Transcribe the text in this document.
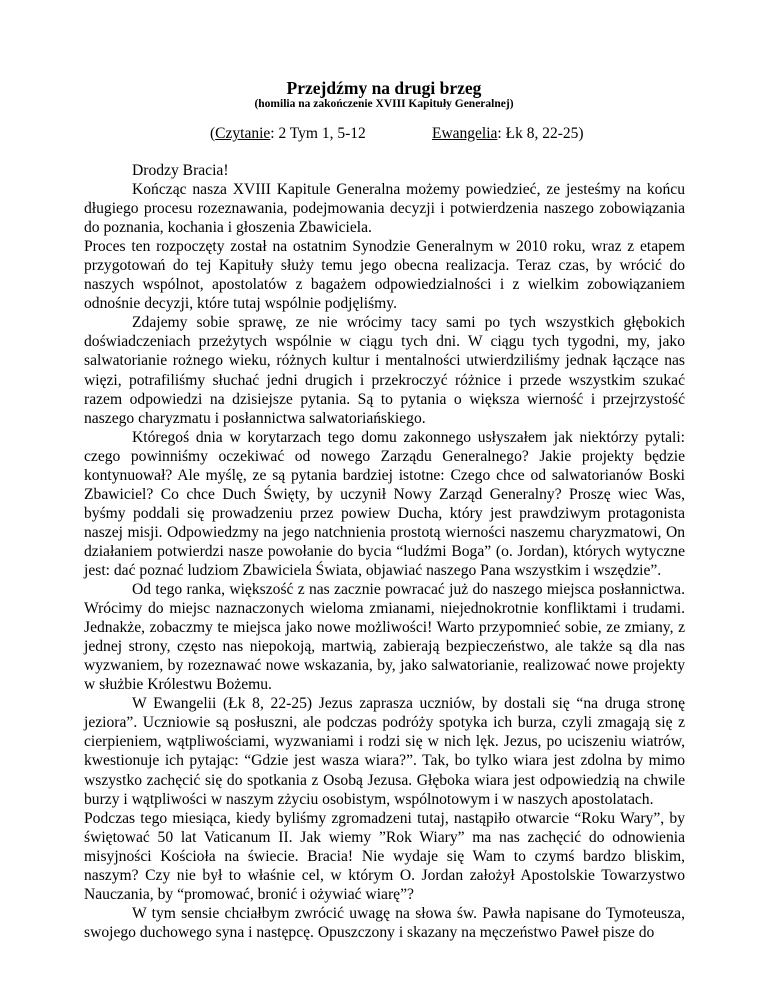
Przejdźmy na drugi brzeg
(homilia na zakończenie XVIII Kapituły Generalnej)
(Czytanie: 2 Tym 1, 5-12	Ewangelia: Łk 8, 22-25)

Drodzy Bracia!

Kończąc nasza XVIII Kapitule Generalna możemy powiedzieć, ze jesteśmy na końcu długiego procesu rozeznawania, podejmowania decyzji i potwierdzenia naszego zobowiązania do poznania, kochania i głoszenia Zbawiciela.

Proces ten rozpoczęty został na ostatnim Synodzie Generalnym w 2010 roku, wraz z etapem przygotowań do tej Kapituły służy temu jego obecna realizacja. Teraz czas, by wrócić do naszych wspólnot, apostolatów z bagażem odpowiedzialności i z wielkim zobowiązaniem odnośnie decyzji, które tutaj wspólnie podjęliśmy.

Zdajemy sobie sprawę, ze nie wrócimy tacy sami po tych wszystkich głębokich doświadczeniach przeżytych wspólnie w ciągu tych dni. W ciągu tych tygodni, my, jako salwatorianie rożnego wieku, różnych kultur i mentalności utwierdziliśmy jednak łączące nas więzi, potrafiliśmy słuchać jedni drugich i przekroczyć różnice i przede wszystkim szukać razem odpowiedzi na dzisiejsze pytania. Są to pytania o większa wierność i przejrzystość naszego charyzmatu i posłannictwa salwatoriańskiego.

Któregoś dnia w korytarzach tego domu zakonnego usłyszałem jak niektórzy pytali: czego powinniśmy oczekiwać od nowego Zarządu Generalnego? Jakie projekty będzie kontynuował? Ale myślę, ze są pytania bardziej istotne: Czego chce od salwatorianów Boski Zbawiciel? Co chce Duch Święty, by uczynił Nowy Zarząd Generalny? Proszę wiec Was, byśmy poddali się prowadzeniu przez powiew Ducha, który jest prawdziwym protagonista naszej misji. Odpowiedzmy na jego natchnienia prostotą wierności naszemu charyzmatowi, On działaniem potwierdzi nasze powołanie do bycia “ludźmi Boga” (o. Jordan), których wytyczne jest: dać poznać ludziom Zbawiciela Świata, objawiać naszego Pana wszystkim i wszędzie”.

Od tego ranka, większość z nas zacznie powracać już do naszego miejsca posłannictwa. Wrócimy do miejsc naznaczonych wieloma zmianami, niejednokrotnie konfliktami i trudami. Jednakże, zobaczmy te miejsca jako nowe możliwości! Warto przypomnieć sobie, ze zmiany, z jednej strony, często nas niepokoją, martwią, zabierają bezpieczeństwo, ale także są dla nas wyzwaniem, by rozeznawać nowe wskazania, by, jako salwatorianie, realizować nowe projekty w służbie Królestwu Bożemu.

W Ewangelii (Łk 8, 22-25) Jezus zaprasza uczniów, by dostali się “na druga stronę jeziora”. Uczniowie są posłuszni, ale podczas podróży spotyka ich burza, czyli zmagają się z cierpieniem, wątpliwościami, wyzwaniami i rodzi się w nich lęk. Jezus, po uciszeniu wiatrów, kwestionuje ich pytając: “Gdzie jest wasza wiara?”. Tak, bo tylko wiara jest zdolna by mimo wszystko zachęcić się do spotkania z Osobą Jezusa. Głęboka wiara jest odpowiedzią na chwile burzy i wątpliwości w naszym zżyciu osobistym, wspólnotowym i w naszych apostolatach.

Podczas tego miesiąca, kiedy byliśmy zgromadzeni tutaj, nastąpiło otwarcie “Roku Wary”, by świętować 50 lat Vaticanum II. Jak wiemy ”Rok Wiary” ma nas zachęcić do odnowienia misyjności Kościoła na świecie. Bracia! Nie wydaje się Wam to czymś bardzo bliskim, naszym? Czy nie był to właśnie cel, w którym O. Jordan założył Apostolskie Towarzystwo Nauczania, by “promować, bronić i ożywiać wiarę”?

W tym sensie chciałbym zwrócić uwagę na słowa św. Pawła napisane do Tymoteusza, swojego duchowego syna i następcę. Opuszczony i skazany na męczeństwo Paweł pisze do
